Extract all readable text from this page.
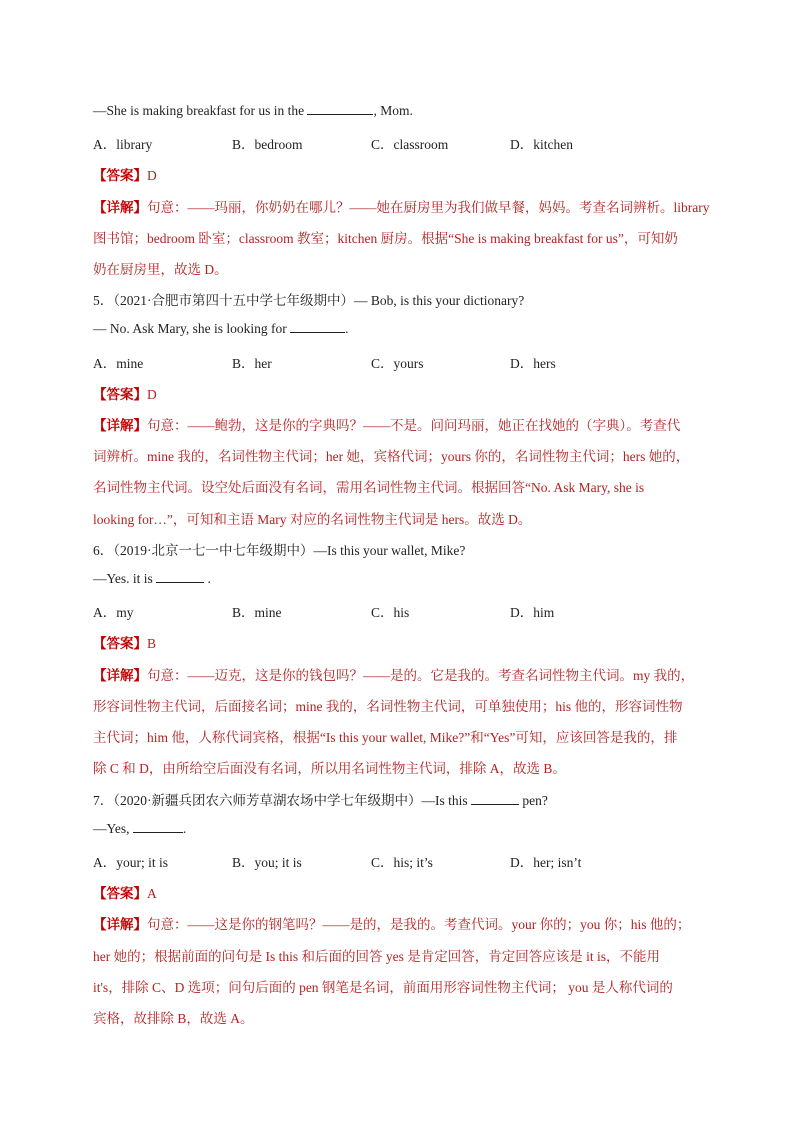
—She is making breakfast for us in the	, Mom.
A．library	B．bedroom	C．classroom	D．kitchen
【答案】D
【详解】句意：——玛丽，你奶奶在哪儿？——她在厨房里为我们做早餐，妈妈。考查名词辨析。library
图书馆；bedroom 卧室；classroom 教室；kitchen 厨房。根据“She is making breakfast for us”，可知奶
奶在厨房里，故选 D。
5．（2021·合肥市第四十五中学七年级期中）— Bob, is this your dictionary?
— No. Ask Mary, she is looking for	.
A．mine	B．her	C．yours	D．hers
【答案】D
【详解】句意：——鲍勃，这是你的字典吗？——不是。问问玛丽，她正在找她的（字典）。考查代
词辨析。mine 我的，名词性物主代词；her 她，宾格代词；yours 你的，名词性物主代词；hers 她的，
名词性物主代词。设空处后面没有名词，需用名词性物主代词。根据回答“No. Ask Mary, she is
looking for…”，可知和主语 Mary 对应的名词性物主代词是 hers。故选 D。
6．（2019·北京一七一中七年级期中）—Is this your wallet, Mike?
—Yes. it is	.
A．my	B．mine	C．his	D．him
【答案】B
【详解】句意：——迈克，这是你的钱包吗？——是的。它是我的。考查名词性物主代词。my 我的，
形容词性物主代词，后面接名词；mine 我的，名词性物主代词，可单独使用；his 他的，形容词性物
主代词；him 他，人称代词宾格，根据“Is this your wallet, Mike?”和“Yes”可知，应该回答是我的，排
除 C 和 D，由所给空后面没有名词，所以用名词性物主代词，排除 A，故选 B。
7．（2020·新疆兵团农六师芳草湖农场中学七年级期中）—Is this	pen?
—Yes,	.
A．your; it is	B．you; it is	C．his; it’s	D．her; isn’t
【答案】A
【详解】句意：——这是你的钢笔吗？——是的，是我的。考查代词。your 你的；you 你；his 他的；
her 她的；根据前面的问句是 Is this 和后面的回答 yes 是肯定回答，肯定回答应该是 it is，不能用
it's，排除 C、D 选项；问句后面的 pen 钢笔是名词，前面用形容词性物主代词； you 是人称代词的
宾格，故排除 B，故选 A。
